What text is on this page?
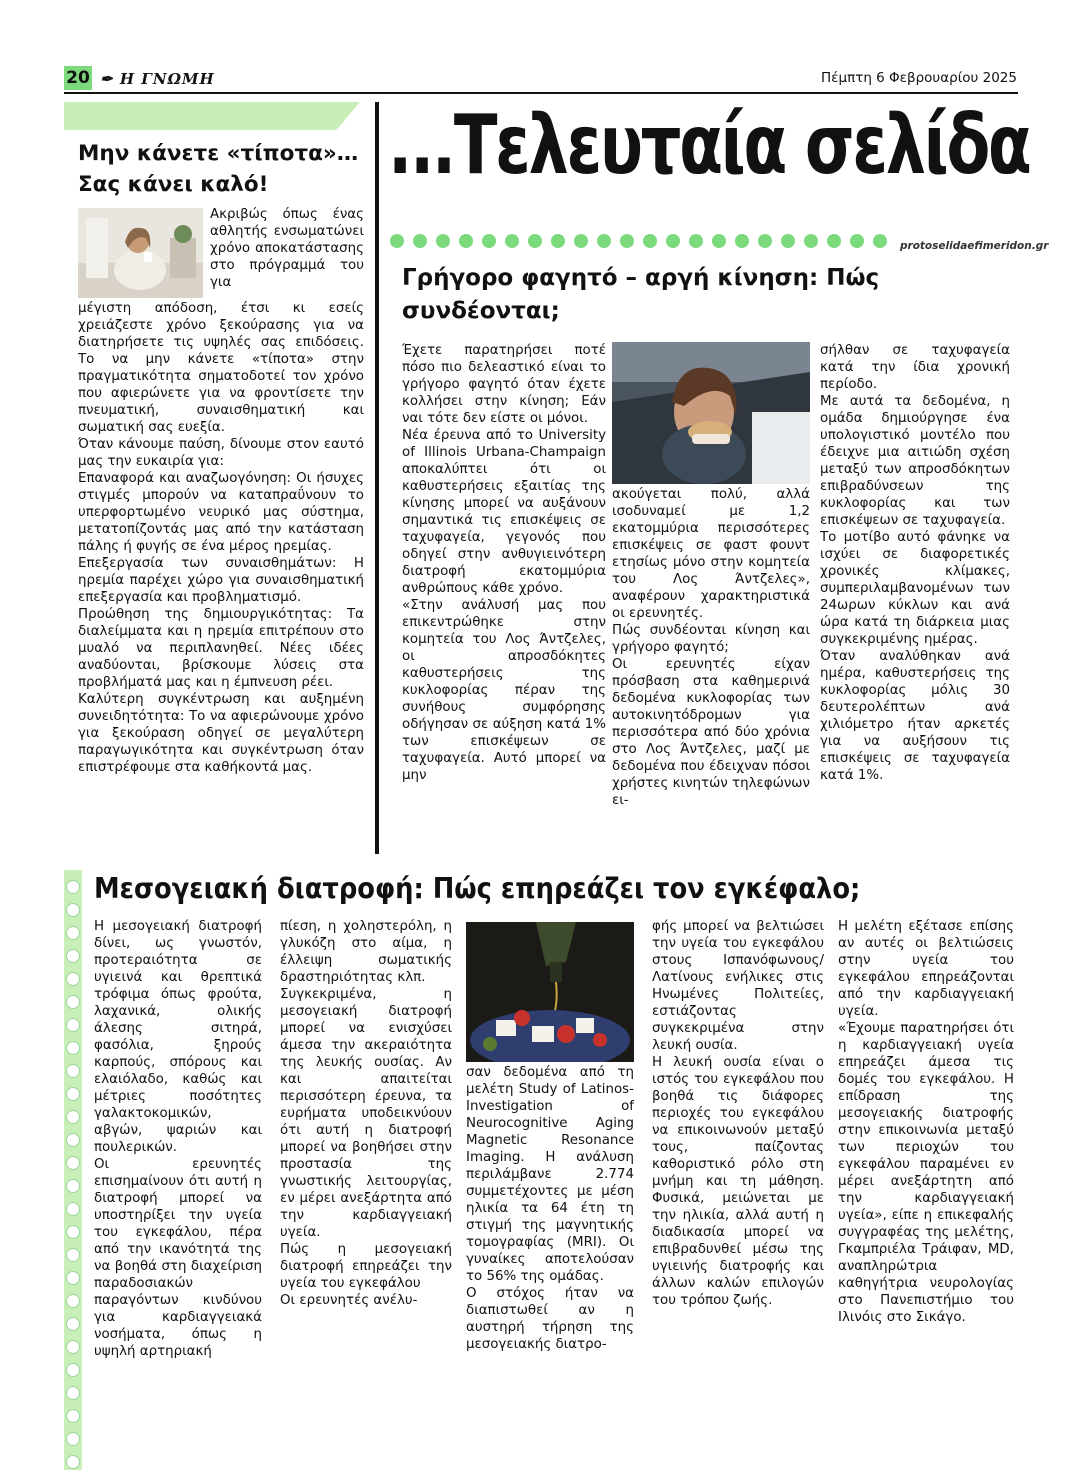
20 ✒ Η ΓΝΩΜΗ	Πέμπτη 6 Φεβρουαρίου 2025
...Τελευταία σελίδα
protoselidaefimeridon.gr
Μην κάνετε «τίποτα»…
Σας κάνει καλό!
Ακριβώς όπως ένας αθλητής ενσωματώνει χρόνο αποκατάστασης στο πρόγραμμά του για
μέγιστη απόδοση, έτσι κι εσείς χρειάζεστε χρόνο ξεκούρασης για να διατηρήσετε τις υψηλές σας επιδόσεις. Το να μην κάνετε «τίποτα» στην πραγματικότητα σηματοδοτεί τον χρόνο που αφιερώνετε για να φροντίσετε την πνευματική, συναισθηματική και σωματική σας ευεξία.
Όταν κάνουμε παύση, δίνουμε στον εαυτό μας την ευκαιρία για:
Επαναφορά και αναζωογόνηση: Οι ήσυχες στιγμές μπορούν να καταπραΰνουν το υπερφορτωμένο νευρικό μας σύστημα, μετατοπίζοντάς μας από την κατάσταση πάλης ή φυγής σε ένα μέρος ηρεμίας.
Επεξεργασία των συναισθημάτων: Η ηρεμία παρέχει χώρο για συναισθηματική επεξεργασία και προβληματισμό.
Προώθηση της δημιουργικότητας: Τα διαλείμματα και η ηρεμία επιτρέπουν στο μυαλό να περιπλανηθεί. Νέες ιδέες αναδύονται, βρίσκουμε λύσεις στα προβλήματά μας και η έμπνευση ρέει.
Καλύτερη συγκέντρωση και αυξημένη συνειδητότητα: Το να αφιερώνουμε χρόνο για ξεκούραση οδηγεί σε μεγαλύτερη παραγωγικότητα και συγκέντρωση όταν επιστρέφουμε στα καθήκοντά μας.
Γρήγορο φαγητό – αργή κίνηση: Πώς συνδέονται;
Έχετε παρατηρήσει ποτέ πόσο πιο δελεαστικό είναι το γρήγορο φαγητό όταν έχετε κολλήσει στην κίνηση; Εάν ναι τότε δεν είστε οι μόνοι.
Νέα έρευνα από το University of Illinois Urbana-Champaign αποκαλύπτει ότι οι καθυστερήσεις εξαιτίας της κίνησης μπορεί να αυξάνουν σημαντικά τις επισκέψεις σε ταχυφαγεία, γεγονός που οδηγεί στην ανθυγιεινότερη διατροφή εκατομμύρια ανθρώπους κάθε χρόνο.
«Στην ανάλυσή μας που επικεντρώθηκε στην κομητεία του Λος Άντζελες, οι απροσδόκητες καθυστερήσεις της κυκλοφορίας πέραν της συνήθους συμφόρησης οδήγησαν σε αύξηση κατά 1% των επισκέψεων σε ταχυφαγεία. Αυτό μπορεί να μην
ακούγεται πολύ, αλλά ισοδυναμεί με 1,2 εκατομμύρια περισσότερες επισκέψεις σε φαστ φουντ ετησίως μόνο στην κομητεία του Λος Άντζελες», αναφέρουν χαρακτηριστικά οι ερευνητές.
Πώς συνδέονται κίνηση και γρήγορο φαγητό;
Οι ερευνητές είχαν πρόσβαση στα καθημερινά δεδομένα κυκλοφορίας των αυτοκινητόδρομων για περισσότερα από δύο χρόνια στο Λος Άντζελες, μαζί με δεδομένα που έδειχναν πόσοι χρήστες κινητών τηλεφώνων ει-
σήλθαν σε ταχυφαγεία κατά την ίδια χρονική περίοδο.
Με αυτά τα δεδομένα, η ομάδα δημιούργησε ένα υπολογιστικό μοντέλο που έδειχνε μια αιτιώδη σχέση μεταξύ των απροσδόκητων επιβραδύνσεων της κυκλοφορίας και των επισκέψεων σε ταχυφαγεία.
Το μοτίβο αυτό φάνηκε να ισχύει σε διαφορετικές χρονικές κλίμακες, συμπεριλαμβανομένων των 24ωρων κύκλων και ανά ώρα κατά τη διάρκεια μιας συγκεκριμένης ημέρας.
Όταν αναλύθηκαν ανά ημέρα, καθυστερήσεις της κυκλοφορίας μόλις 30 δευτερολέπτων ανά χιλιόμετρο ήταν αρκετές για να αυξήσουν τις επισκέψεις σε ταχυφαγεία κατά 1%.
Μεσογειακή διατροφή: Πώς επηρεάζει τον εγκέφαλο;
Η μεσογειακή διατροφή δίνει, ως γνωστόν, προτεραιότητα σε υγιεινά και θρεπτικά τρόφιμα όπως φρούτα, λαχανικά, ολικής άλεσης σιτηρά, φασόλια, ξηρούς καρπούς, σπόρους και ελαιόλαδο, καθώς και μέτριες ποσότητες γαλακτοκομικών, αβγών, ψαριών και πουλερικών.
Οι ερευνητές επισημαίνουν ότι αυτή η διατροφή μπορεί να υποστηρίξει την υγεία του εγκεφάλου, πέρα από την ικανότητά της να βοηθά στη διαχείριση παραδοσιακών παραγόντων κινδύνου για καρδιαγγειακά νοσήματα, όπως η υψηλή αρτηριακή
πίεση, η χοληστερόλη, η γλυκόζη στο αίμα, η έλλειψη σωματικής δραστηριότητας κλπ.
Συγκεκριμένα, η μεσογειακή διατροφή μπορεί να ενισχύσει άμεσα την ακεραιότητα της λευκής ουσίας. Αν και απαιτείται περισσότερη έρευνα, τα ευρήματα υποδεικνύουν ότι αυτή η διατροφή μπορεί να βοηθήσει στην προστασία της γνωστικής λειτουργίας, εν μέρει ανεξάρτητα από την καρδιαγγειακή υγεία.
Πώς η μεσογειακή διατροφή επηρεάζει την υγεία του εγκεφάλου
Οι ερευνητές ανέλυ-
σαν δεδομένα από τη μελέτη Study of Latinos-Investigation of Neurocognitive Aging Magnetic Resonance Imaging. Η ανάλυση περιλάμβανε 2.774 συμμετέχοντες με μέση ηλικία τα 64 έτη τη στιγμή της μαγνητικής τομογραφίας (MRI). Οι γυναίκες αποτελούσαν το 56% της ομάδας.
Ο στόχος ήταν να διαπιστωθεί αν η αυστηρή τήρηση της μεσογειακής διατρο-
φής μπορεί να βελτιώσει την υγεία του εγκεφάλου στους Ισπανόφωνους/Λατίνους ενήλικες στις Ηνωμένες Πολιτείες, εστιάζοντας συγκεκριμένα στην λευκή ουσία.
Η λευκή ουσία είναι ο ιστός του εγκεφάλου που βοηθά τις διάφορες περιοχές του εγκεφάλου να επικοινωνούν μεταξύ τους, παίζοντας καθοριστικό ρόλο στη μνήμη και τη μάθηση. Φυσικά, μειώνεται με την ηλικία, αλλά αυτή η διαδικασία μπορεί να επιβραδυνθεί μέσω της υγιεινής διατροφής και άλλων καλών επιλογών του τρόπου ζωής.
Η μελέτη εξέτασε επίσης αν αυτές οι βελτιώσεις στην υγεία του εγκεφάλου επηρεάζονται από την καρδιαγγειακή υγεία.
«Έχουμε παρατηρήσει ότι η καρδιαγγειακή υγεία επηρεάζει άμεσα τις δομές του εγκεφάλου. Η επίδραση της μεσογειακής διατροφής στην επικοινωνία μεταξύ των περιοχών του εγκεφάλου παραμένει εν μέρει ανεξάρτητη από την καρδιαγγειακή υγεία», είπε η επικεφαλής συγγραφέας της μελέτης, Γκαμπριέλα Τράιφαν, MD, αναπληρώτρια καθηγήτρια νευρολογίας στο Πανεπιστήμιο του Ιλινόις στο Σικάγο.
